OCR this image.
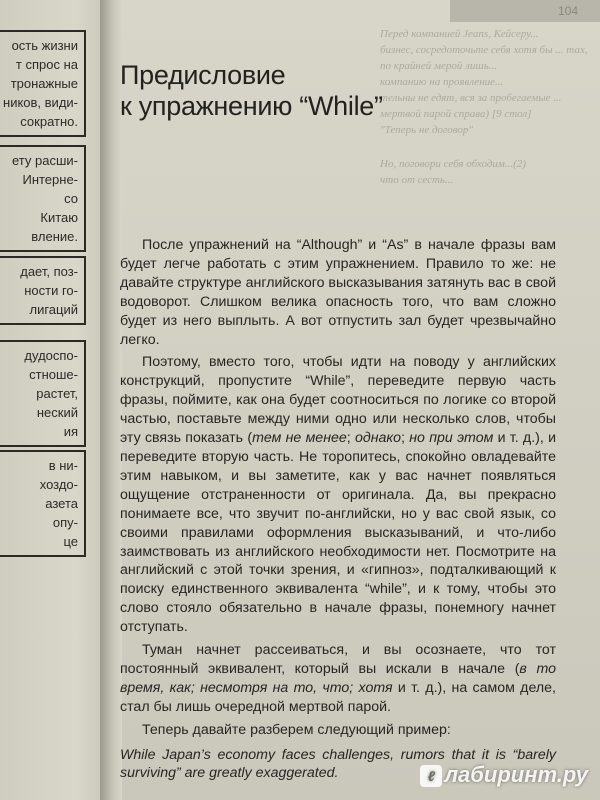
ость жизни
т спрос на
тронажные
ников, види-
сократно.
ету расши-
Интерне-
со
Китаю
вление.
дает, поз-
ности го-
лигаций
дудоспо-
стноше-
растет,
неский
ия
в ни-
хоздо-
азета
опу-
це
104

Перед компанией Jeans, Кейсеру...

бизнес, сосредоточьте себя хотя бы ... тах,

по крайней мерой лишь...

компанию на проявление...

тельны не едят, вся за пробегаемые ...

мертвой парой справа) [9 стол]

"Теперь не договор"

Но, поговори себя обходим...(2)

что от сесть...

Предисловие
к упражнению “While”

После упражнений на “Although” и “As” в начале фразы вам будет легче работать с этим упражнением. Правило то же: не давайте структуре английского высказывания затянуть вас в свой водоворот. Слишком велика опасность того, что вам сложно будет из него выплыть. А вот отпустить зал будет чрезвычайно легко.

Поэтому, вместо того, чтобы идти на поводу у английских конструкций, пропустите “While”, переведите первую часть фразы, поймите, как она будет соотноситься по логике со второй частью, поставьте между ними одно или несколько слов, чтобы эту связь показать (тем не менее; однако; но при этом и т. д.), и переведите вторую часть. Не торопитесь, спокойно овладевайте этим навыком, и вы заметите, как у вас начнет появляться ощущение отстраненности от оригинала. Да, вы прекрасно понимаете все, что звучит по-английски, но у вас свой язык, со своими правилами оформления высказываний, и что-либо заимствовать из английского необходимости нет. Посмотрите на английский с этой точки зрения, и «гипноз», подталкивающий к поиску единственного эквивалента “while”, и к тому, чтобы это слово стояло обязательно в начале фразы, понемногу начнет отступать.

Туман начнет рассеиваться, и вы осознаете, что тот постоянный эквивалент, который вы искали в начале (в то время, как; несмотря на то, что; хотя и т. д.), на самом деле, стал бы лишь очередной мертвой парой.

Теперь давайте разберем следующий пример:

While Japan’s economy faces challenges, rumors that it is “barely surviving” are greatly exaggerated.	ℓ лабиринт.ру
